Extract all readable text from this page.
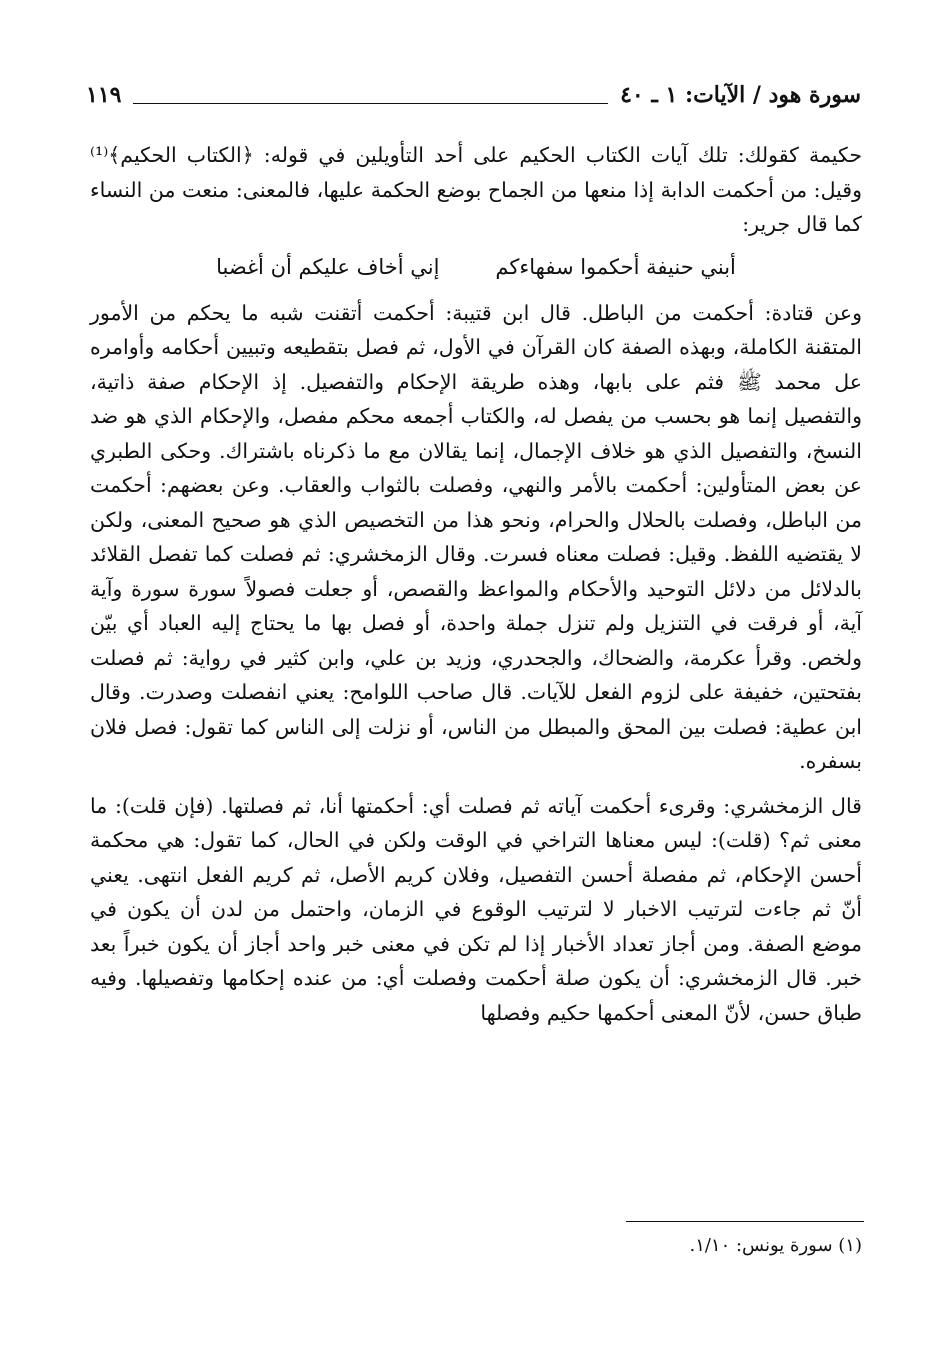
سورة هود / الآيات: ١ ـ ٤٠
١١٩

حكيمة كقولك: تلك آيات الكتاب الحكيم على أحد التأويلين في قوله: ﴿الكتاب الحكيم﴾⁽¹⁾ وقيل: من أحكمت الدابة إذا منعها من الجماح بوضع الحكمة عليها، فالمعنى: منعت من النساء كما قال جرير:

أبني حنيفة أحكموا سفهاءكم
إني أخاف عليكم أن أغضبا

وعن قتادة: أحكمت من الباطل. قال ابن قتيبة: أحكمت أتقنت شبه ما يحكم من الأمور المتقنة الكاملة، وبهذه الصفة كان القرآن في الأول، ثم فصل بتقطيعه وتبيين أحكامه وأوامره عل محمد ﷺ فثم على بابها، وهذه طريقة الإحكام والتفصيل. إذ الإحكام صفة ذاتية، والتفصيل إنما هو بحسب من يفصل له، والكتاب أجمعه محكم مفصل، والإحكام الذي هو ضد النسخ، والتفصيل الذي هو خلاف الإجمال، إنما يقالان مع ما ذكرناه باشتراك. وحكى الطبري عن بعض المتأولين: أحكمت بالأمر والنهي، وفصلت بالثواب والعقاب. وعن بعضهم: أحكمت من الباطل، وفصلت بالحلال والحرام، ونحو هذا من التخصيص الذي هو صحيح المعنى، ولكن لا يقتضيه اللفظ. وقيل: فصلت معناه فسرت. وقال الزمخشري: ثم فصلت كما تفصل القلائد بالدلائل من دلائل التوحيد والأحكام والمواعظ والقصص، أو جعلت فصولاً سورة سورة وآية آية، أو فرقت في التنزيل ولم تنزل جملة واحدة، أو فصل بها ما يحتاج إليه العباد أي بيّن ولخص. وقرأ عكرمة، والضحاك، والجحدري، وزيد بن علي، وابن كثير في رواية: ثم فصلت بفتحتين، خفيفة على لزوم الفعل للآيات. قال صاحب اللوامح: يعني انفصلت وصدرت. وقال ابن عطية: فصلت بين المحق والمبطل من الناس، أو نزلت إلى الناس كما تقول: فصل فلان بسفره.

قال الزمخشري: وقرىء أحكمت آياته ثم فصلت أي: أحكمتها أنا، ثم فصلتها. (فإن قلت): ما معنى ثم؟ (قلت): ليس معناها التراخي في الوقت ولكن في الحال، كما تقول: هي محكمة أحسن الإحكام، ثم مفصلة أحسن التفصيل، وفلان كريم الأصل، ثم كريم الفعل انتهى. يعني أنّ ثم جاءت لترتيب الاخبار لا لترتيب الوقوع في الزمان، واحتمل من لدن أن يكون في موضع الصفة. ومن أجاز تعداد الأخبار إذا لم تكن في معنى خبر واحد أجاز أن يكون خبراً بعد خبر. قال الزمخشري: أن يكون صلة أحكمت وفصلت أي: من عنده إحكامها وتفصيلها. وفيه طباق حسن، لأنّ المعنى أحكمها حكيم وفصلها

(١) سورة يونس: ١/١٠.
